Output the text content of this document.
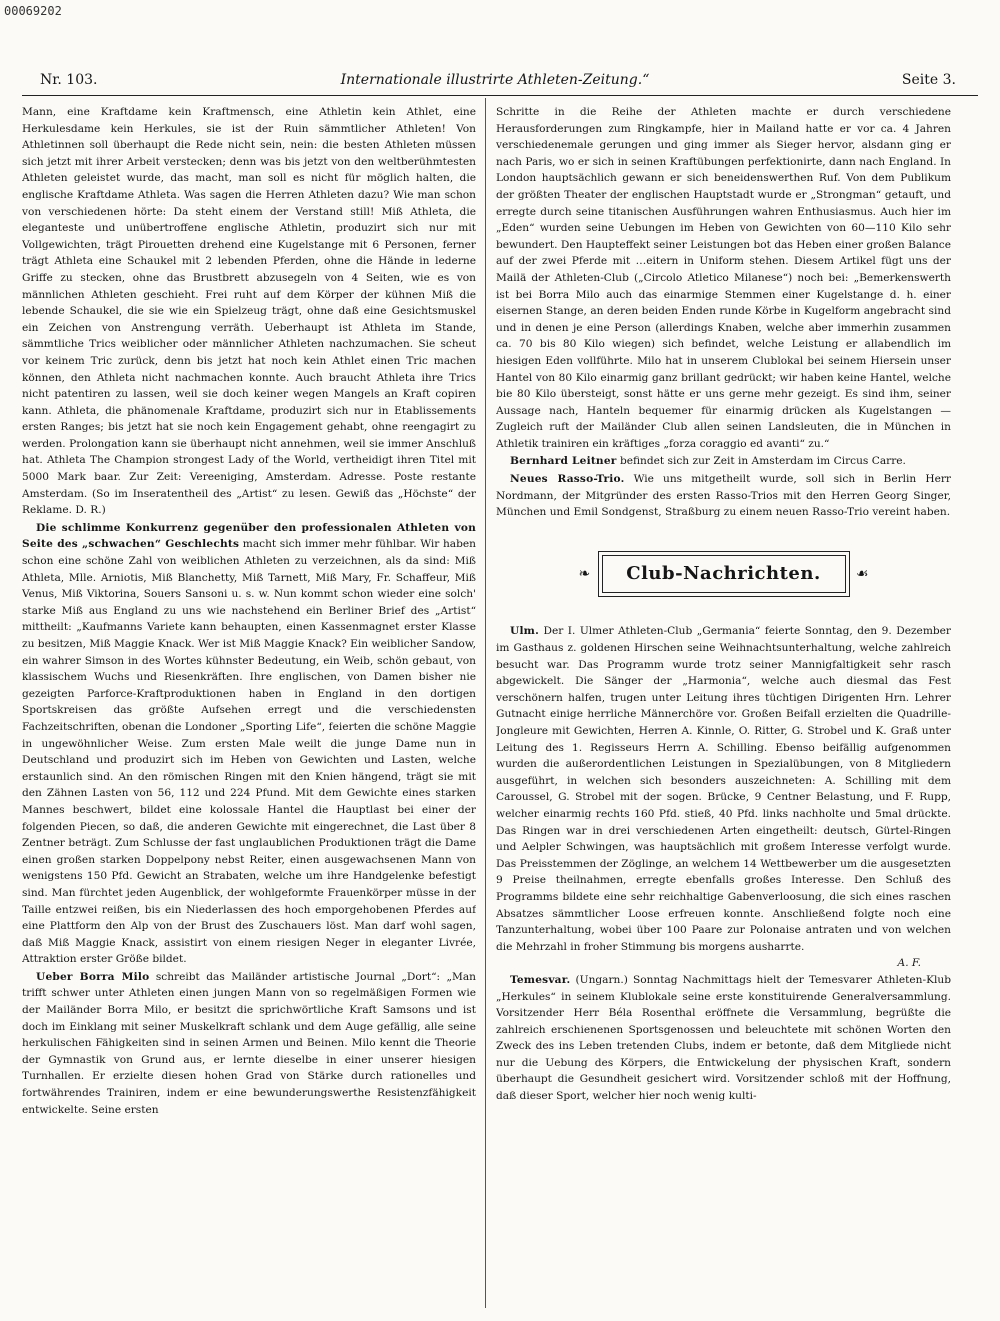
00069202
Nr. 103.	Internationale illustrirte Athleten-Zeitung.“	Seite 3.

Mann, eine Kraftdame kein Kraftmensch, eine Athletin kein Athlet, eine Herkulesdame kein Herkules, sie ist der Ruin sämmtlicher Athleten! Von Athletinnen soll überhaupt die Rede nicht sein, nein: die besten Athleten müssen sich jetzt mit ihrer Arbeit verstecken; denn was bis jetzt von den weltberühmtesten Athleten geleistet wurde, das macht, man soll es nicht für möglich halten, die englische Kraftdame Athleta. Was sagen die Herren Athleten dazu? Wie man schon von verschiedenen hörte: Da steht einem der Verstand still! Miß Athleta, die eleganteste und unübertroffene englische Athletin, produzirt sich nur mit Vollgewichten, trägt Pirouetten drehend eine Kugelstange mit 6 Personen, ferner trägt Athleta eine Schaukel mit 2 lebenden Pferden, ohne die Hände in lederne Griffe zu stecken, ohne das Brustbrett abzusegeln von 4 Seiten, wie es von männlichen Athleten geschieht. Frei ruht auf dem Körper der kühnen Miß die lebende Schaukel, die sie wie ein Spielzeug trägt, ohne daß eine Gesichtsmuskel ein Zeichen von Anstrengung verräth. Ueberhaupt ist Athleta im Stande, sämmtliche Trics weiblicher oder männlicher Athleten nachzumachen. Sie scheut vor keinem Tric zurück, denn bis jetzt hat noch kein Athlet einen Tric machen können, den Athleta nicht nachmachen konnte. Auch braucht Athleta ihre Trics nicht patentiren zu lassen, weil sie doch keiner wegen Mangels an Kraft copiren kann. Athleta, die phänomenale Kraftdame, produzirt sich nur in Etablissements ersten Ranges; bis jetzt hat sie noch kein Engagement gehabt, ohne reengagirt zu werden. Prolongation kann sie überhaupt nicht annehmen, weil sie immer Anschluß hat. Athleta The Champion strongest Lady of the World, vertheidigt ihren Titel mit 5000 Mark baar. Zur Zeit: Vereeniging, Amsterdam. Adresse. Poste restante Amsterdam. (So im Inseratentheil des „Artist“ zu lesen. Gewiß das „Höchste“ der Reklame. D. R.)

Die schlimme Konkurrenz gegenüber den professionalen Athleten von Seite des „schwachen“ Geschlechts macht sich immer mehr fühlbar. Wir haben schon eine schöne Zahl von weiblichen Athleten zu verzeichnen, als da sind: Miß Athleta, Mlle. Arniotis, Miß Blanchetty, Miß Tarnett, Miß Mary, Fr. Schaffeur, Miß Venus, Miß Viktorina, Souers Sansoni u. s. w. Nun kommt schon wieder eine solch' starke Miß aus England zu uns wie nachstehend ein Berliner Brief des „Artist“ mittheilt: „Kaufmanns Variete kann behaupten, einen Kassenmagnet erster Klasse zu besitzen, Miß Maggie Knack. Wer ist Miß Maggie Knack? Ein weiblicher Sandow, ein wahrer Simson in des Wortes kühnster Bedeutung, ein Weib, schön gebaut, von klassischem Wuchs und Riesenkräften. Ihre englischen, von Damen bisher nie gezeigten Parforce-Kraftproduktionen haben in England in den dortigen Sportskreisen das größte Aufsehen erregt und die verschiedensten Fachzeitschriften, obenan die Londoner „Sporting Life“, feierten die schöne Maggie in ungewöhnlicher Weise. Zum ersten Male weilt die junge Dame nun in Deutschland und produzirt sich im Heben von Gewichten und Lasten, welche erstaunlich sind. An den römischen Ringen mit den Knien hängend, trägt sie mit den Zähnen Lasten von 56, 112 und 224 Pfund. Mit dem Gewichte eines starken Mannes beschwert, bildet eine kolossale Hantel die Hauptlast bei einer der folgenden Piecen, so daß, die anderen Gewichte mit eingerechnet, die Last über 8 Zentner beträgt. Zum Schlusse der fast unglaublichen Produktionen trägt die Dame einen großen starken Doppelpony nebst Reiter, einen ausgewachsenen Mann von wenigstens 150 Pfd. Gewicht an Strabaten, welche um ihre Handgelenke befestigt sind. Man fürchtet jeden Augenblick, der wohlgeformte Frauenkörper müsse in der Taille entzwei reißen, bis ein Niederlassen des hoch emporgehobenen Pferdes auf eine Plattform den Alp von der Brust des Zuschauers löst. Man darf wohl sagen, daß Miß Maggie Knack, assistirt von einem riesigen Neger in eleganter Livrée, Attraktion erster Größe bildet.

Ueber Borra Milo schreibt das Mailänder artistische Journal „Dort“: „Man trifft schwer unter Athleten einen jungen Mann von so regelmäßigen Formen wie der Mailänder Borra Milo, er besitzt die sprichwörtliche Kraft Samsons und ist doch im Einklang mit seiner Muskelkraft schlank und dem Auge gefällig, alle seine herkulischen Fähigkeiten sind in seinen Armen und Beinen. Milo kennt die Theorie der Gymnastik von Grund aus, er lernte dieselbe in einer unserer hiesigen Turnhallen. Er erzielte diesen hohen Grad von Stärke durch rationelles und fortwährendes Trainiren, indem er eine bewunderungswerthe Resistenzfähigkeit entwickelte. Seine ersten

Schritte in die Reihe der Athleten machte er durch verschiedene Herausforderungen zum Ringkampfe, hier in Mailand hatte er vor ca. 4 Jahren verschiedenemale gerungen und ging immer als Sieger hervor, alsdann ging er nach Paris, wo er sich in seinen Kraftübungen perfektionirte, dann nach England. In London hauptsächlich gewann er sich beneidenswerthen Ruf. Von dem Publikum der größten Theater der englischen Hauptstadt wurde er „Strongman“ getauft, und erregte durch seine titanischen Ausführungen wahren Enthusiasmus. Auch hier im „Eden“ wurden seine Uebungen im Heben von Gewichten von 60—110 Kilo sehr bewundert. Den Haupteffekt seiner Leistungen bot das Heben einer großen Balance auf der zwei Pferde mit …eitern in Uniform stehen. Diesem Artikel fügt uns der Mailä der Athleten-Club („Circolo Atletico Milanese“) noch bei: „Bemerkenswerth ist bei Borra Milo auch das einarmige Stemmen einer Kugelstange d. h. einer eisernen Stange, an deren beiden Enden runde Körbe in Kugelform angebracht sind und in denen je eine Person (allerdings Knaben, welche aber immerhin zusammen ca. 70 bis 80 Kilo wiegen) sich befindet, welche Leistung er allabendlich im hiesigen Eden vollführte. Milo hat in unserem Clublokal bei seinem Hiersein unser Hantel von 80 Kilo einarmig ganz brillant gedrückt; wir haben keine Hantel, welche bie 80 Kilo übersteigt, sonst hätte er uns gerne mehr gezeigt. Es sind ihm, seiner Aussage nach, Hanteln bequemer für einarmig drücken als Kugelstangen — Zugleich ruft der Mailänder Club allen seinen Landsleuten, die in München in Athletik trainiren ein kräftiges „forza coraggio ed avanti“ zu.“

Bernhard Leitner befindet sich zur Zeit in Amsterdam im Circus Carre.

Neues Rasso-Trio. Wie uns mitgetheilt wurde, soll sich in Berlin Herr Nordmann, der Mitgründer des ersten Rasso-Trios mit den Herren Georg Singer, München und Emil Sondgenst, Straßburg zu einem neuen Rasso-Trio vereint haben.

❧	Club-Nachrichten.	☙

Ulm. Der I. Ulmer Athleten-Club „Germania“ feierte Sonntag, den 9. Dezember im Gasthaus z. goldenen Hirschen seine Weihnachtsunterhaltung, welche zahlreich besucht war. Das Programm wurde trotz seiner Mannigfaltigkeit sehr rasch abgewickelt. Die Sänger der „Harmonia“, welche auch diesmal das Fest verschönern halfen, trugen unter Leitung ihres tüchtigen Dirigenten Hrn. Lehrer Gutnacht einige herrliche Männerchöre vor. Großen Beifall erzielten die Quadrille-Jongleure mit Gewichten, Herren A. Kinnle, O. Ritter, G. Strobel und K. Graß unter Leitung des 1. Regisseurs Herrn A. Schilling. Ebenso beifällig aufgenommen wurden die außerordentlichen Leistungen in Spezialübungen, von 8 Mitgliedern ausgeführt, in welchen sich besonders auszeichneten: A. Schilling mit dem Caroussel, G. Strobel mit der sogen. Brücke, 9 Centner Belastung, und F. Rupp, welcher einarmig rechts 160 Pfd. stieß, 40 Pfd. links nachholte und 5mal drückte. Das Ringen war in drei verschiedenen Arten eingetheilt: deutsch, Gürtel-Ringen und Aelpler Schwingen, was hauptsächlich mit großem Interesse verfolgt wurde. Das Preisstemmen der Zöglinge, an welchem 14 Wettbewerber um die ausgesetzten 9 Preise theilnahmen, erregte ebenfalls großes Interesse. Den Schluß des Programms bildete eine sehr reichhaltige Gabenverloosung, die sich eines raschen Absatzes sämmtlicher Loose erfreuen konnte. Anschließend folgte noch eine Tanzunterhaltung, wobei über 100 Paare zur Polonaise antraten und von welchen die Mehrzahl in froher Stimmung bis morgens ausharrte.

A. F.

Temesvar. (Ungarn.) Sonntag Nachmittags hielt der Temesvarer Athleten-Klub „Herkules“ in seinem Klublokale seine erste konstituirende Generalversammlung. Vorsitzender Herr Béla Rosenthal eröffnete die Versammlung, begrüßte die zahlreich erschienenen Sportsgenossen und beleuchtete mit schönen Worten den Zweck des ins Leben tretenden Clubs, indem er betonte, daß dem Mitgliede nicht nur die Uebung des Körpers, die Entwickelung der physischen Kraft, sondern überhaupt die Gesundheit gesichert wird. Vorsitzender schloß mit der Hoffnung, daß dieser Sport, welcher hier noch wenig kulti-
